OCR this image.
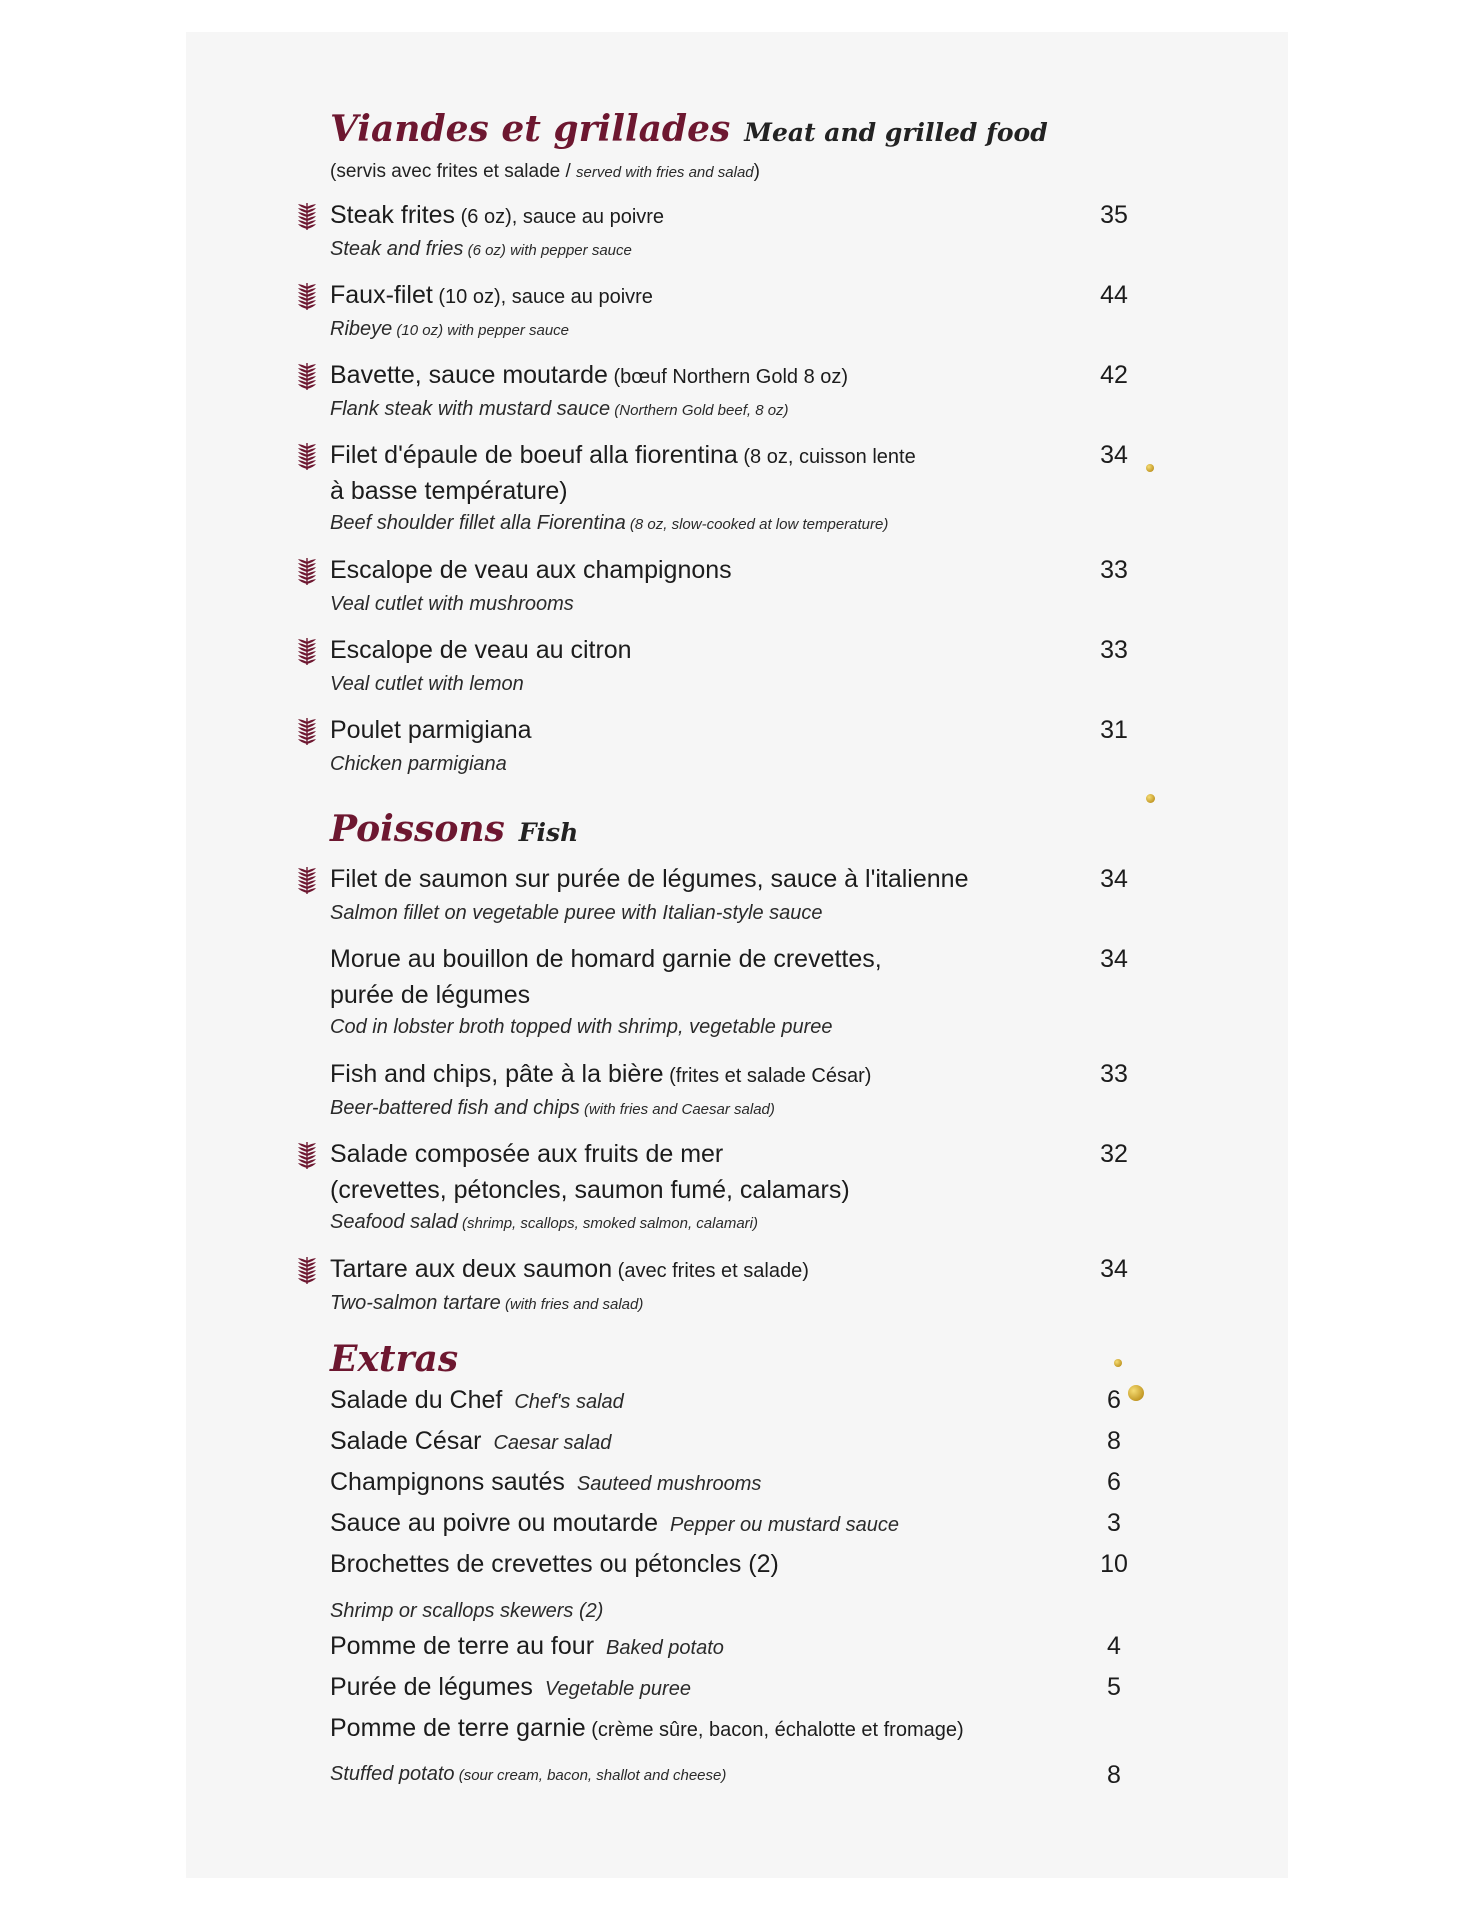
Viandes et grillades Meat and grilled food
(servis avec frites et salade / served with fries and salad)
Steak frites (6 oz), sauce au poivre
Steak and fries (6 oz) with pepper sauce
35
Faux-filet (10 oz), sauce au poivre
Ribeye (10 oz) with pepper sauce
44
Bavette, sauce moutarde (bœuf Northern Gold 8 oz)
Flank steak with mustard sauce (Northern Gold beef, 8 oz)
42
Filet d'épaule de boeuf alla fiorentina (8 oz, cuisson lente
à basse température)
Beef shoulder fillet alla Fiorentina (8 oz, slow-cooked at low temperature)
34
Escalope de veau aux champignons
Veal cutlet with mushrooms
33
Escalope de veau au citron
Veal cutlet with lemon
33
Poulet parmigiana
Chicken parmigiana
31
Filet de saumon sur purée de légumes, sauce à l'italienne
Salmon fillet on vegetable puree with Italian-style sauce
34
Morue au bouillon de homard garnie de crevettes,
purée de légumes
Cod in lobster broth topped with shrimp, vegetable puree
34
Fish and chips, pâte à la bière (frites et salade César)
Beer-battered fish and chips (with fries and Caesar salad)
33
Salade composée aux fruits de mer
(crevettes, pétoncles, saumon fumé, calamars)
Seafood salad (shrimp, scallops, smoked salmon, calamari)
32
Tartare aux deux saumon (avec frites et salade)
Two-salmon tartare (with fries and salad)
34
Poissons Fish
Extras
Salade du Chef Chef's salad	6
Salade César Caesar salad	8
Champignons sautés Sauteed mushrooms	6
Sauce au poivre ou moutarde Pepper ou mustard sauce	3
Brochettes de crevettes ou pétoncles (2)	10
Shrimp or scallops skewers (2)
Pomme de terre au four Baked potato	4
Purée de légumes Vegetable puree	5
Pomme de terre garnie (crème sûre, bacon, échalotte et fromage)
Stuffed potato (sour cream, bacon, shallot and cheese)	8
